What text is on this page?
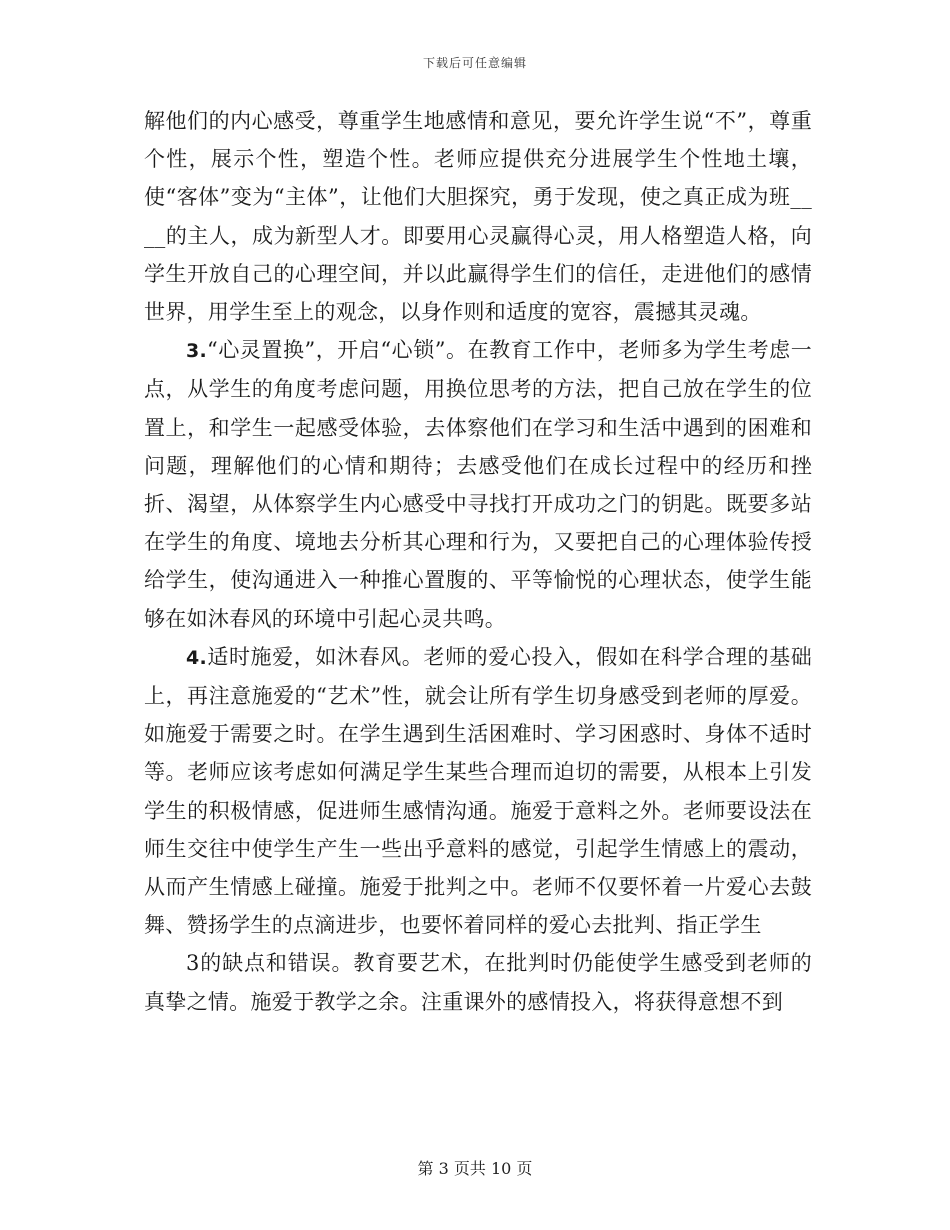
下载后可任意编辑

解他们的内心感受，尊重学生地感情和意见，要允许学生说“不”，尊重个性，展示个性，塑造个性。老师应提供充分进展学生个性地土壤，使“客体”变为“主体”，让他们大胆探究，勇于发现，使之真正成为班____的主人，成为新型人才。即要用心灵赢得心灵，用人格塑造人格，向学生开放自己的心理空间，并以此赢得学生们的信任，走进他们的感情世界，用学生至上的观念，以身作则和适度的宽容，震撼其灵魂。

3.“心灵置换”，开启“心锁”。在教育工作中，老师多为学生考虑一点，从学生的角度考虑问题，用换位思考的方法，把自己放在学生的位置上，和学生一起感受体验，去体察他们在学习和生活中遇到的困难和问题，理解他们的心情和期待；去感受他们在成长过程中的经历和挫折、渴望，从体察学生内心感受中寻找打开成功之门的钥匙。既要多站在学生的角度、境地去分析其心理和行为，又要把自己的心理体验传授给学生，使沟通进入一种推心置腹的、平等愉悦的心理状态，使学生能够在如沐春风的环境中引起心灵共鸣。

4.适时施爱，如沐春风。老师的爱心投入，假如在科学合理的基础上，再注意施爱的“艺术”性，就会让所有学生切身感受到老师的厚爱。如施爱于需要之时。在学生遇到生活困难时、学习困惑时、身体不适时等。老师应该考虑如何满足学生某些合理而迫切的需要，从根本上引发学生的积极情感，促进师生感情沟通。施爱于意料之外。老师要设法在师生交往中使学生产生一些出乎意料的感觉，引起学生情感上的震动，从而产生情感上碰撞。施爱于批判之中。老师不仅要怀着一片爱心去鼓舞、赞扬学生的点滴进步，也要怀着同样的爱心去批判、指正学生

3的缺点和错误。教育要艺术，在批判时仍能使学生感受到老师的真挚之情。施爱于教学之余。注重课外的感情投入，将获得意想不到

第 3 页共 10 页
